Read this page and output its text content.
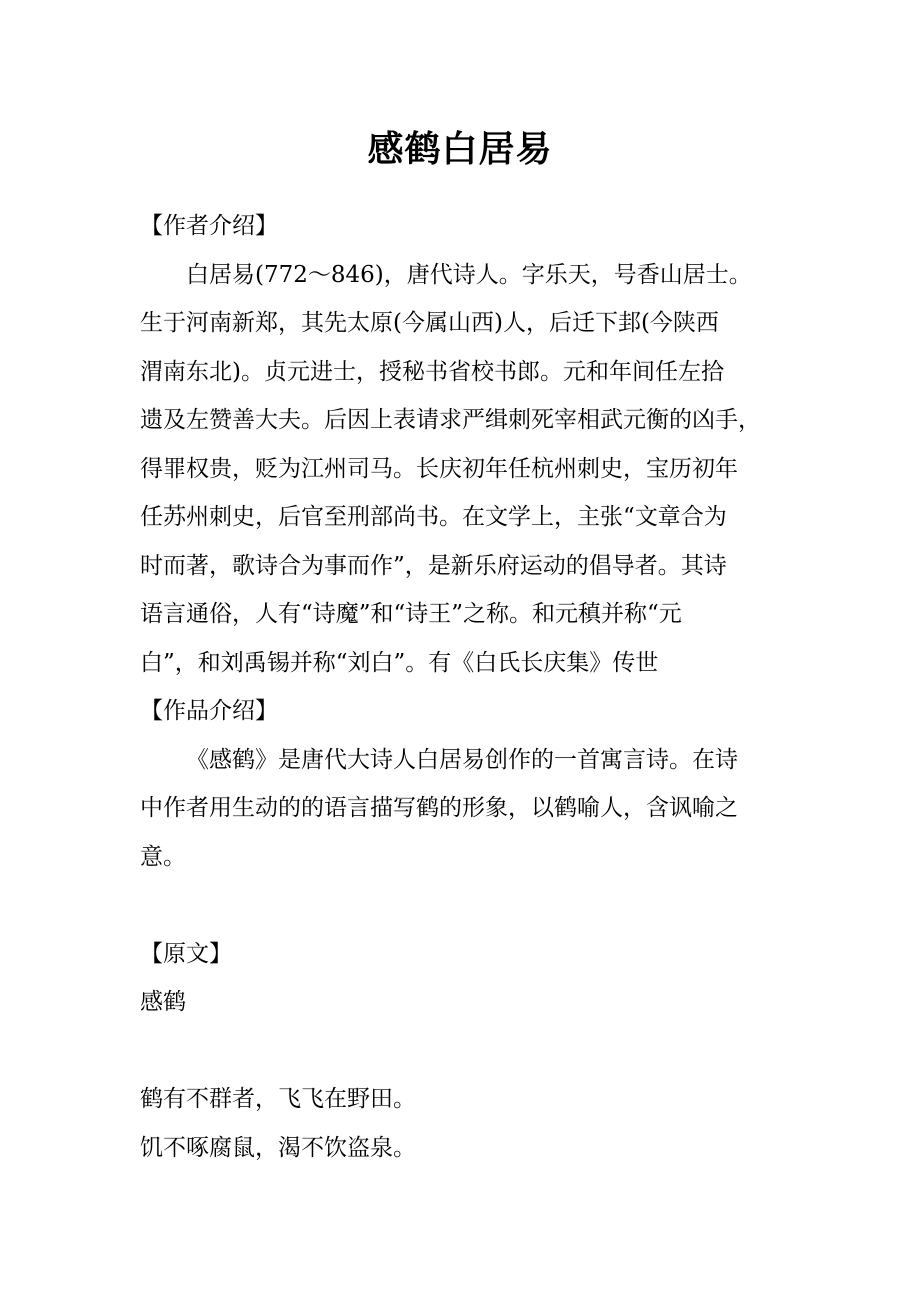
感鹤白居易

【作者介绍】

白居易(772～846)，唐代诗人。字乐天，号香山居士。

生于河南新郑，其先太原(今属山西)人，后迁下邽(今陕西

渭南东北)。贞元进士，授秘书省校书郎。元和年间任左拾

遗及左赞善大夫。后因上表请求严缉刺死宰相武元衡的凶手，

得罪权贵，贬为江州司马。长庆初年任杭州刺史，宝历初年

任苏州刺史，后官至刑部尚书。在文学上，主张“文章合为

时而著，歌诗合为事而作”，是新乐府运动的倡导者。其诗

语言通俗，人有“诗魔”和“诗王”之称。和元稹并称“元

白”，和刘禹锡并称“刘白”。有《白氏长庆集》传世

【作品介绍】

《感鹤》是唐代大诗人白居易创作的一首寓言诗。在诗

中作者用生动的的语言描写鹤的形象，以鹤喻人，含讽喻之

意。

【原文】

感鹤

鹤有不群者，飞飞在野田。

饥不啄腐鼠，渴不饮盗泉。
